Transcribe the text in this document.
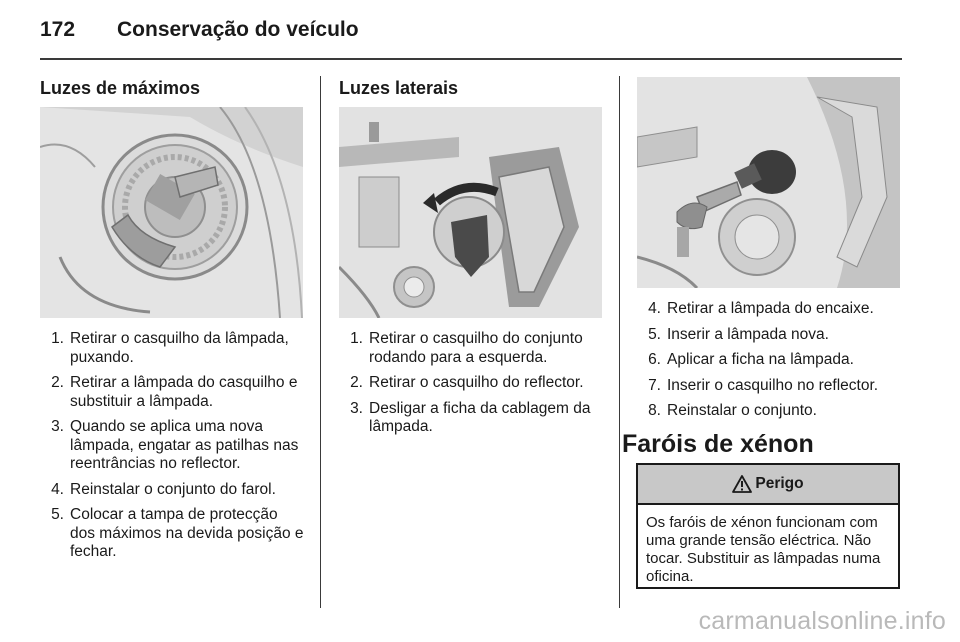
172 Conservação do veículo
Luzes de máximos
1. Retirar o casquilho da lâmpada, puxando.
2. Retirar a lâmpada do casquilho e substituir a lâmpada.
3. Quando se aplica uma nova lâmpada, engatar as patilhas nas reentrâncias no reflector.
4. Reinstalar o conjunto do farol.
5. Colocar a tampa de protecção dos máximos na devida posição e fechar.
Luzes laterais
1. Retirar o casquilho do conjunto rodando para a esquerda.
2. Retirar o casquilho do reflector.
3. Desligar a ficha da cablagem da lâmpada.
4. Retirar a lâmpada do encaixe.
5. Inserir a lâmpada nova.
6. Aplicar a ficha na lâmpada.
7. Inserir o casquilho no reflector.
8. Reinstalar o conjunto.
Faróis de xénon
Perigo
Os faróis de xénon funcionam com uma grande tensão eléctrica. Não tocar. Substituir as lâmpadas numa oficina.
carmanualsonline.info
